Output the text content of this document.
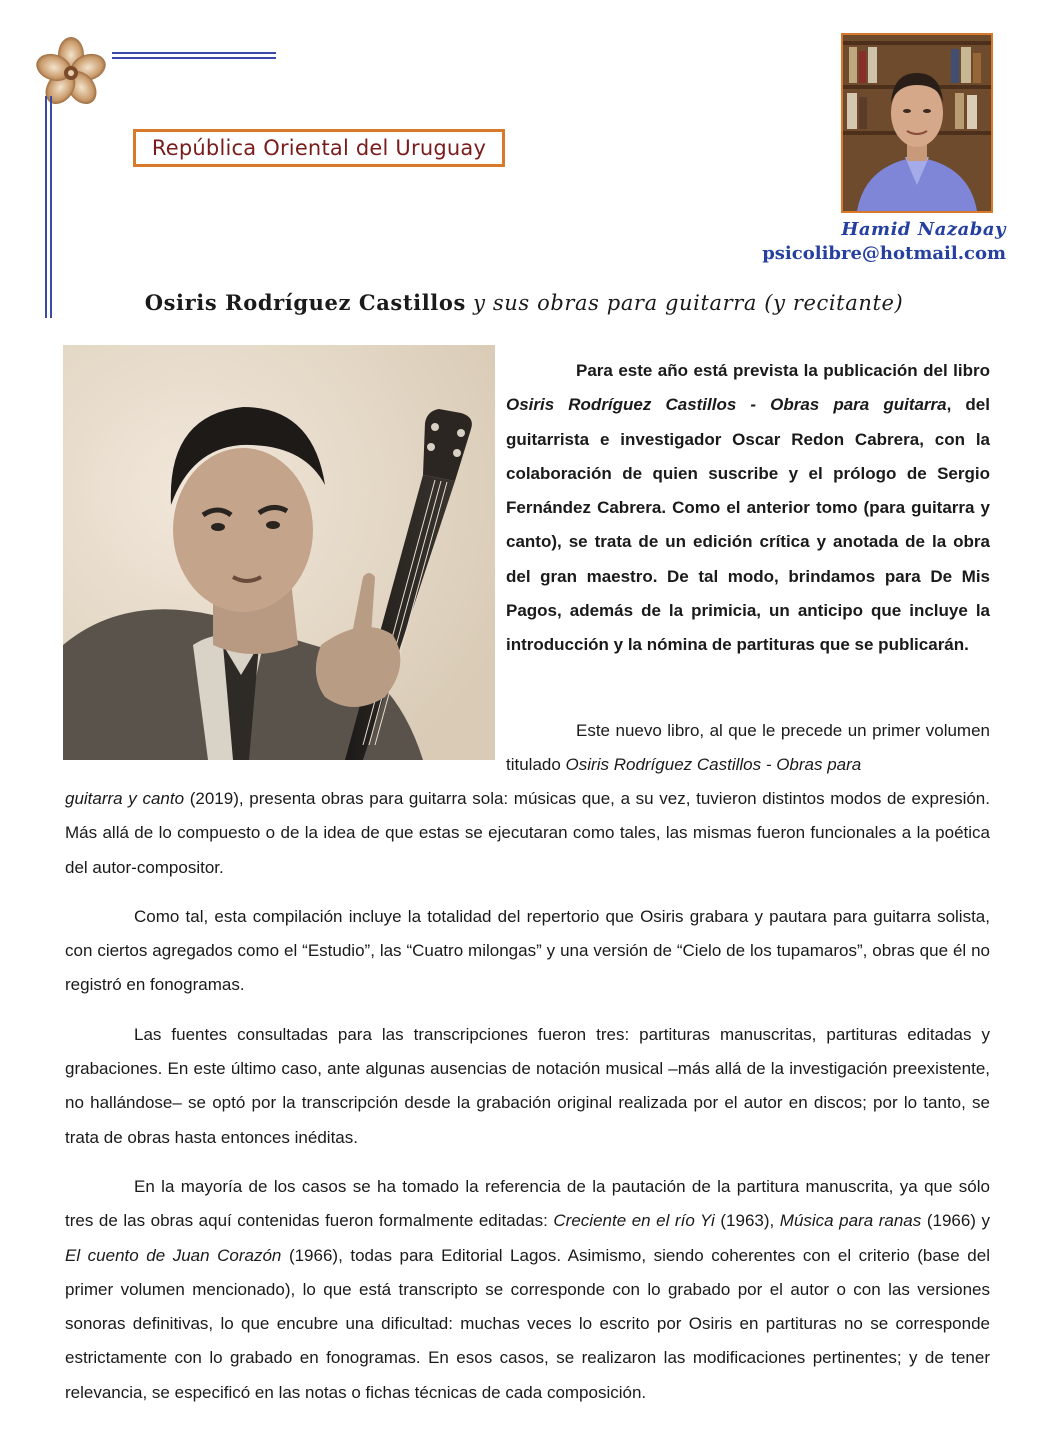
República Oriental del Uruguay
Hamid Nazabay
psicolibre@hotmail.com
Osiris Rodríguez Castillos y sus obras para guitarra (y recitante)

Para este año está prevista la publicación del libro Osiris Rodríguez Castillos - Obras para guitarra, del guitarrista e investigador Oscar Redon Cabrera, con la colaboración de quien suscribe y el prólogo de Sergio Fernández Cabrera. Como el anterior tomo (para guitarra y canto), se trata de un edición crítica y anotada de la obra del gran maestro. De tal modo, brindamos para De Mis Pagos, además de la primicia, un anticipo que incluye la introducción y la nómina de partituras que se publicarán.

Este nuevo libro, al que le precede un primer volumen titulado Osiris Rodríguez Castillos - Obras para

guitarra y canto (2019), presenta obras para guitarra sola: músicas que, a su vez, tuvieron distintos modos de expresión. Más allá de lo compuesto o de la idea de que estas se ejecutaran como tales, las mismas fueron funcionales a la poética del autor-compositor.

Como tal, esta compilación incluye la totalidad del repertorio que Osiris grabara y pautara para guitarra solista, con ciertos agregados como el “Estudio”, las “Cuatro milongas” y una versión de “Cielo de los tupamaros”, obras que él no registró en fonogramas.

Las fuentes consultadas para las transcripciones fueron tres: partituras manuscritas, partituras editadas y grabaciones. En este último caso, ante algunas ausencias de notación musical –más allá de la investigación preexistente, no hallándose– se optó por la transcripción desde la grabación original realizada por el autor en discos; por lo tanto, se trata de obras hasta entonces inéditas.

En la mayoría de los casos se ha tomado la referencia de la pautación de la partitura manuscrita, ya que sólo tres de las obras aquí contenidas fueron formalmente editadas: Creciente en el río Yi (1963), Música para ranas (1966) y El cuento de Juan Corazón (1966), todas para Editorial Lagos. Asimismo, siendo coherentes con el criterio (base del primer volumen mencionado), lo que está transcripto se corresponde con lo grabado por el autor o con las versiones sonoras definitivas, lo que encubre una dificultad: muchas veces lo escrito por Osiris en partituras no se corresponde estrictamente con lo grabado en fonogramas. En esos casos, se realizaron las modificaciones pertinentes; y de tener relevancia, se especificó en las notas o fichas técnicas de cada composición.
